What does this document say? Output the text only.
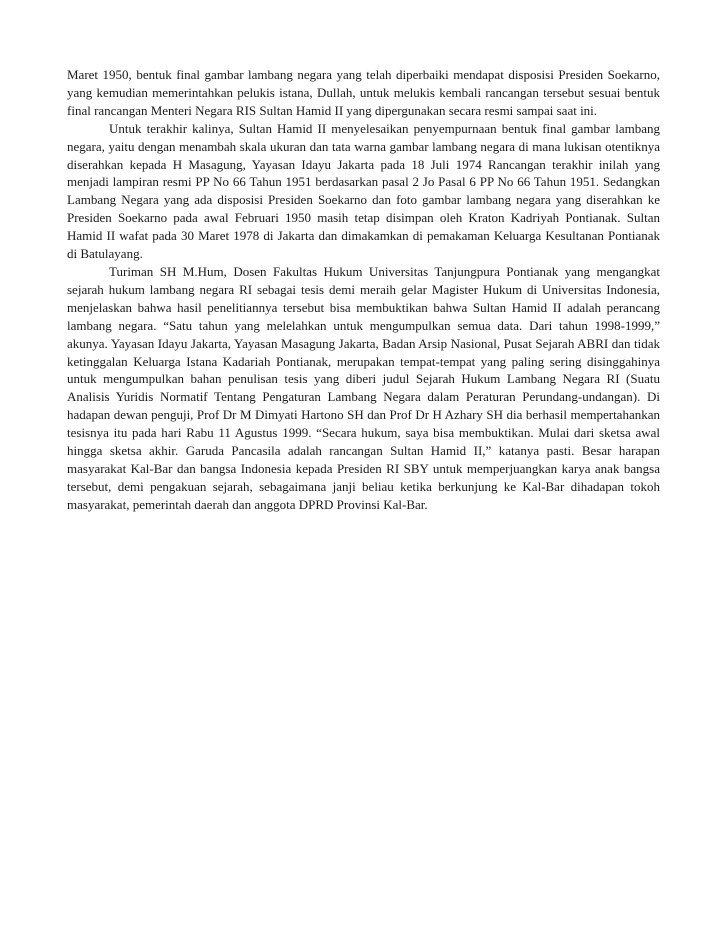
Maret 1950, bentuk final gambar lambang negara yang telah diperbaiki mendapat disposisi Presiden Soekarno, yang kemudian memerintahkan pelukis istana, Dullah, untuk melukis kembali rancangan tersebut sesuai bentuk final rancangan Menteri Negara RIS Sultan Hamid II yang dipergunakan secara resmi sampai saat ini.

Untuk terakhir kalinya, Sultan Hamid II menyelesaikan penyempurnaan bentuk final gambar lambang negara, yaitu dengan menambah skala ukuran dan tata warna gambar lambang negara di mana lukisan otentiknya diserahkan kepada H Masagung, Yayasan Idayu Jakarta pada 18 Juli 1974 Rancangan terakhir inilah yang menjadi lampiran resmi PP No 66 Tahun 1951 berdasarkan pasal 2 Jo Pasal 6 PP No 66 Tahun 1951. Sedangkan Lambang Negara yang ada disposisi Presiden Soekarno dan foto gambar lambang negara yang diserahkan ke Presiden Soekarno pada awal Februari 1950 masih tetap disimpan oleh Kraton Kadriyah Pontianak. Sultan Hamid II wafat pada 30 Maret 1978 di Jakarta dan dimakamkan di pemakaman Keluarga Kesultanan Pontianak di Batulayang.

Turiman SH M.Hum, Dosen Fakultas Hukum Universitas Tanjungpura Pontianak yang mengangkat sejarah hukum lambang negara RI sebagai tesis demi meraih gelar Magister Hukum di Universitas Indonesia, menjelaskan bahwa hasil penelitiannya tersebut bisa membuktikan bahwa Sultan Hamid II adalah perancang lambang negara. “Satu tahun yang melelahkan untuk mengumpulkan semua data. Dari tahun 1998-1999,” akunya. Yayasan Idayu Jakarta, Yayasan Masagung Jakarta, Badan Arsip Nasional, Pusat Sejarah ABRI dan tidak ketinggalan Keluarga Istana Kadariah Pontianak, merupakan tempat-tempat yang paling sering disinggahinya untuk mengumpulkan bahan penulisan tesis yang diberi judul Sejarah Hukum Lambang Negara RI (Suatu Analisis Yuridis Normatif Tentang Pengaturan Lambang Negara dalam Peraturan Perundang-undangan). Di hadapan dewan penguji, Prof Dr M Dimyati Hartono SH dan Prof Dr H Azhary SH dia berhasil mempertahankan tesisnya itu pada hari Rabu 11 Agustus 1999. “Secara hukum, saya bisa membuktikan. Mulai dari sketsa awal hingga sketsa akhir. Garuda Pancasila adalah rancangan Sultan Hamid II,” katanya pasti. Besar harapan masyarakat Kal-Bar dan bangsa Indonesia kepada Presiden RI SBY untuk memperjuangkan karya anak bangsa tersebut, demi pengakuan sejarah, sebagaimana janji beliau ketika berkunjung ke Kal-Bar dihadapan tokoh masyarakat, pemerintah daerah dan anggota DPRD Provinsi Kal-Bar.
